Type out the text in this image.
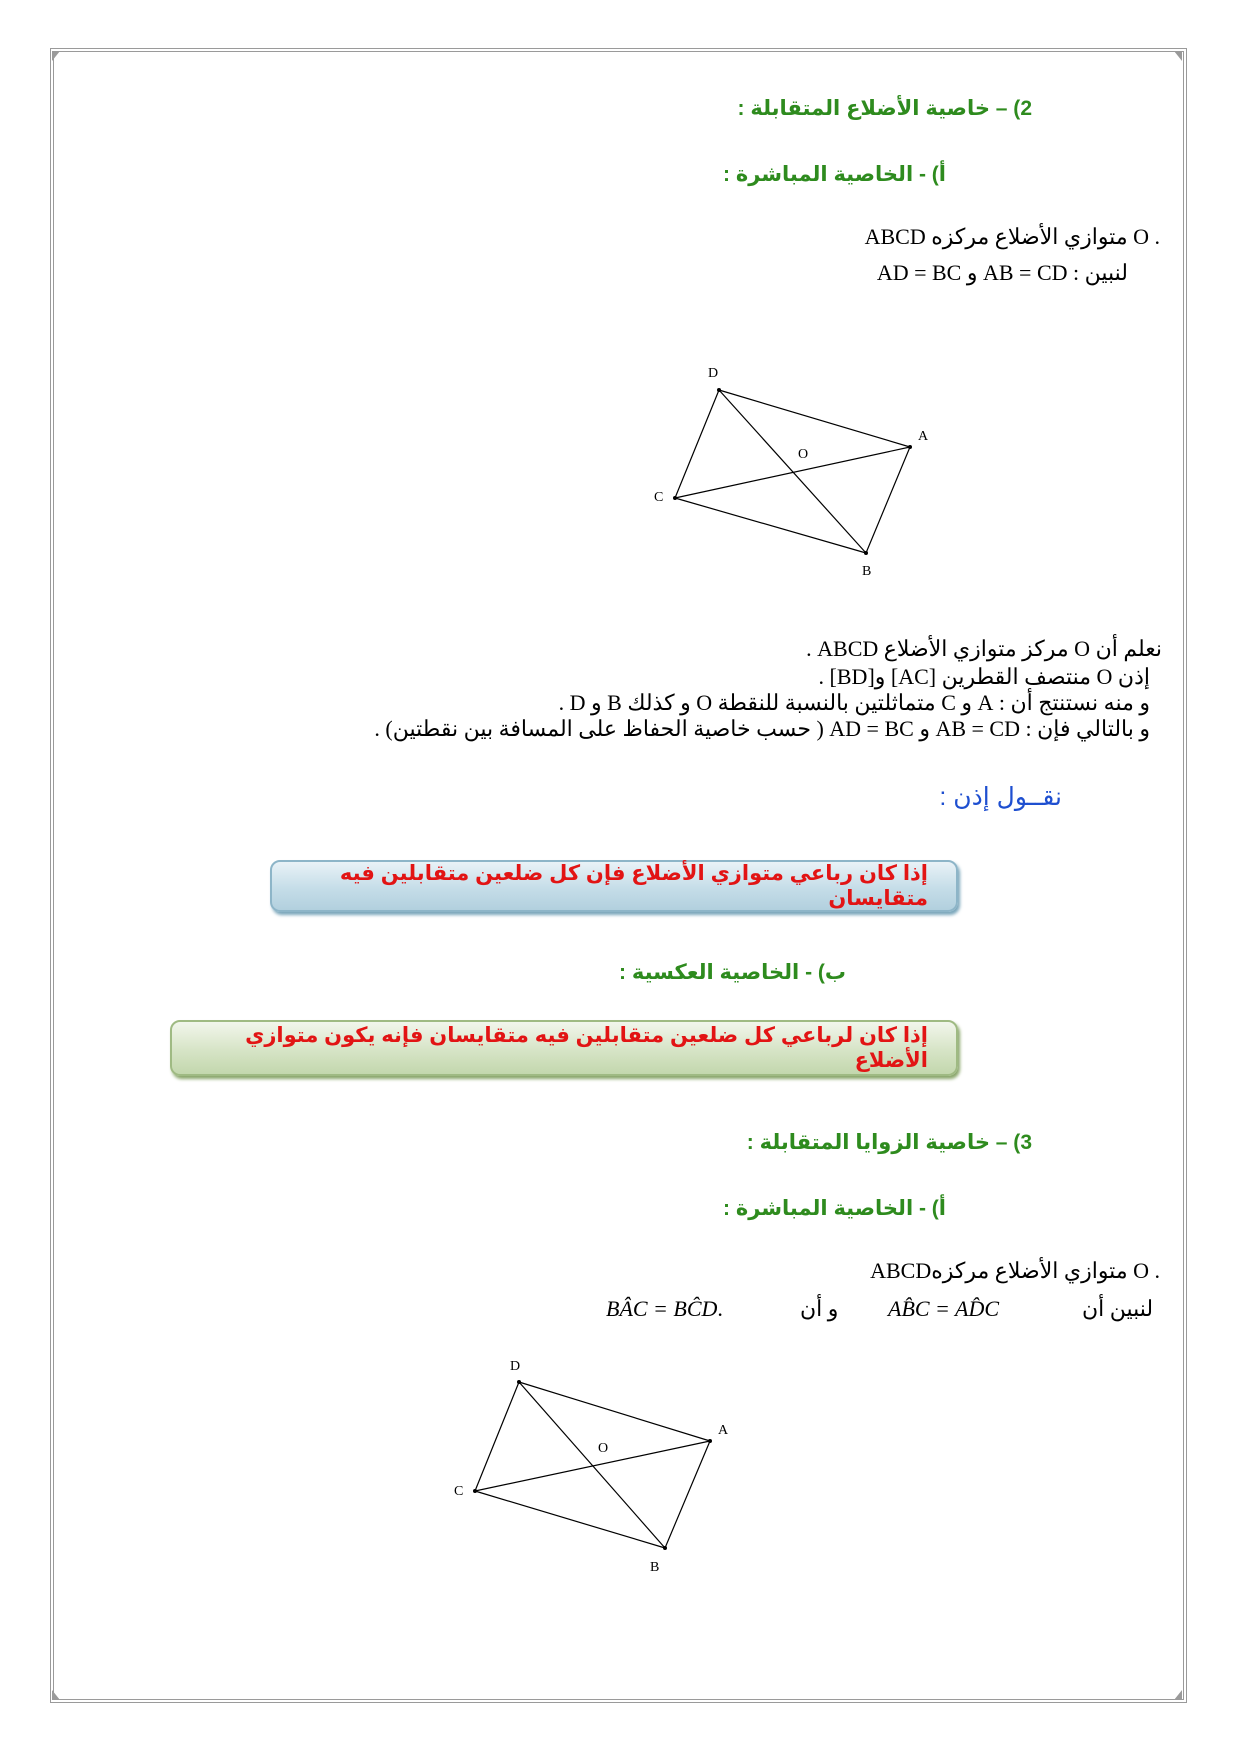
2) – خاصية الأضلاع المتقابلة :
أ) - الخاصية المباشرة :
ABCD متوازي الأضلاع مركزه O .
لنبين : AB = CD و AD = BC
D
A
O
C
B
نعلم أن O مركز متوازي الأضلاع ABCD .
إذن O منتصف القطرين [AC] و[BD] .
و منه نستنتج أن : A و C متماثلتين بالنسبة للنقطة O و كذلك B و D .
و بالتالي فإن : AB = CD و AD = BC ( حسب خاصية الحفاظ على المسافة بين نقطتين) .
نقــول إذن :
إذا كان رباعي متوازي الأضلاع فإن كل ضلعين متقابلين فيه متقايسان
ب) - الخاصية العكسية :
إذا كان لرباعي كل ضلعين متقابلين فيه متقايسان فإنه يكون متوازي الأضلاع
3) – خاصية الزوايا المتقابلة :
أ) - الخاصية المباشرة :
ABCDمتوازي الأضلاع مركزه O .
BÂC = BĈD.	و أن AB̂C = AD̂C	لنبين أن
D
A
O
C
B
